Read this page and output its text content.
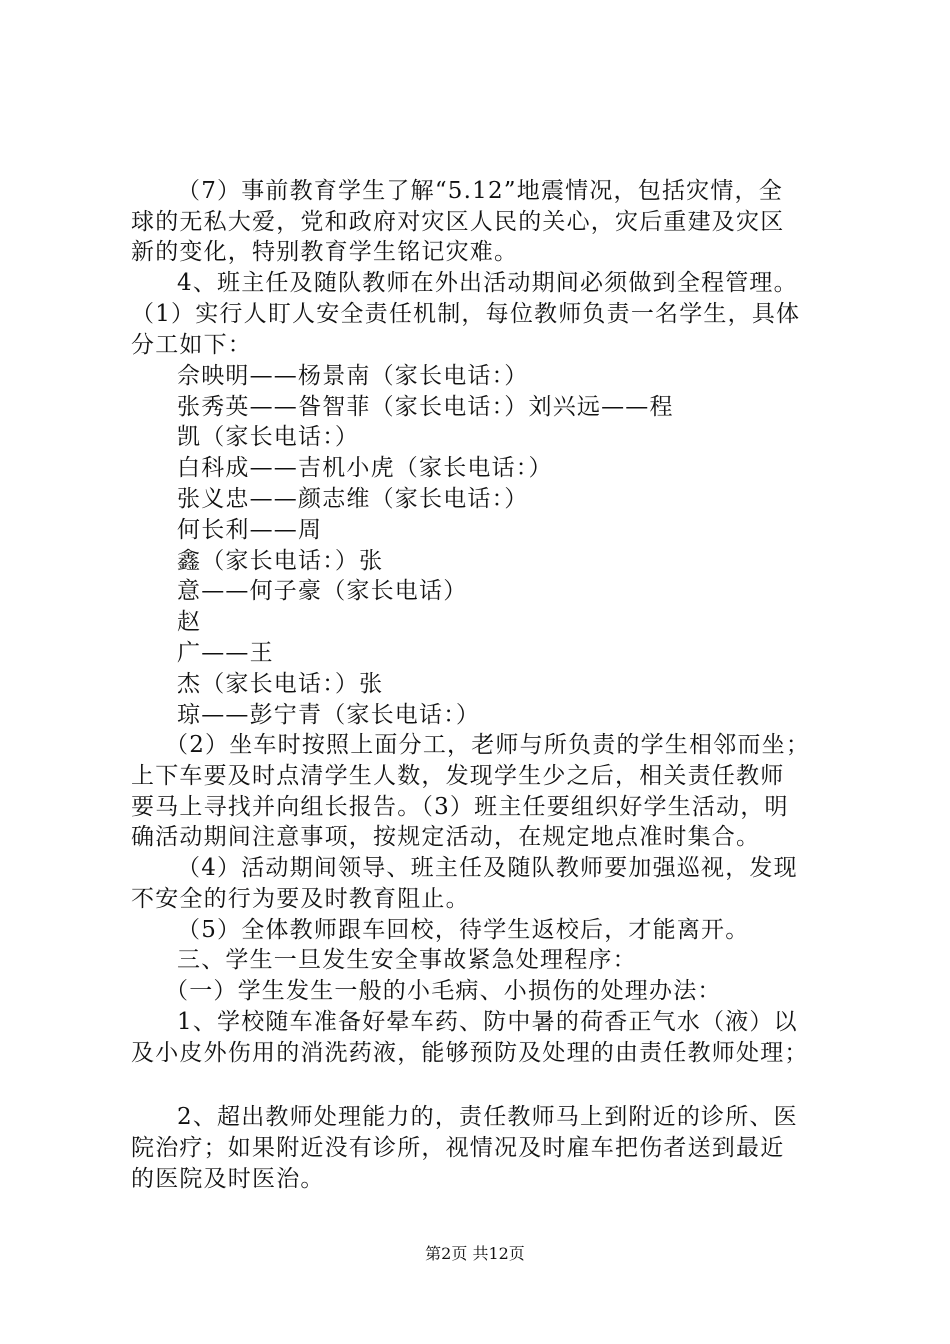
（7）事前教育学生了解“5.12”地震情况，包括灾情，全
球的无私大爱，党和政府对灾区人民的关心，灾后重建及灾区
新的变化，特别教育学生铭记灾难。
4、班主任及随队教师在外出活动期间必须做到全程管理。
（1）实行人盯人安全责任机制，每位教师负责一名学生，具体
分工如下：
佘映明——杨景南（家长电话：）
张秀英——昝智菲（家长电话：）刘兴远——程
凯（家长电话：）
白科成——吉机小虎（家长电话：）
张义忠——颜志维（家长电话：）
何长利——周
鑫（家长电话：）张
意——何子豪（家长电话）
赵
广——王
杰（家长电话：）张
琼——彭宁青（家长电话：）
（2）坐车时按照上面分工，老师与所负责的学生相邻而坐；
上下车要及时点清学生人数，发现学生少之后，相关责任教师
要马上寻找并向组长报告。（3）班主任要组织好学生活动，明
确活动期间注意事项，按规定活动，在规定地点准时集合。
（4）活动期间领导、班主任及随队教师要加强巡视，发现
不安全的行为要及时教育阻止。
（5）全体教师跟车回校，待学生返校后，才能离开。
三、学生一旦发生安全事故紧急处理程序：
（一）学生发生一般的小毛病、小损伤的处理办法：
1、学校随车准备好晕车药、防中暑的荷香正气水（液）以
及小皮外伤用的消洗药液，能够预防及处理的由责任教师处理；
2、超出教师处理能力的，责任教师马上到附近的诊所、医
院治疗；如果附近没有诊所，视情况及时雇车把伤者送到最近
的医院及时医治。
第2页 共12页
